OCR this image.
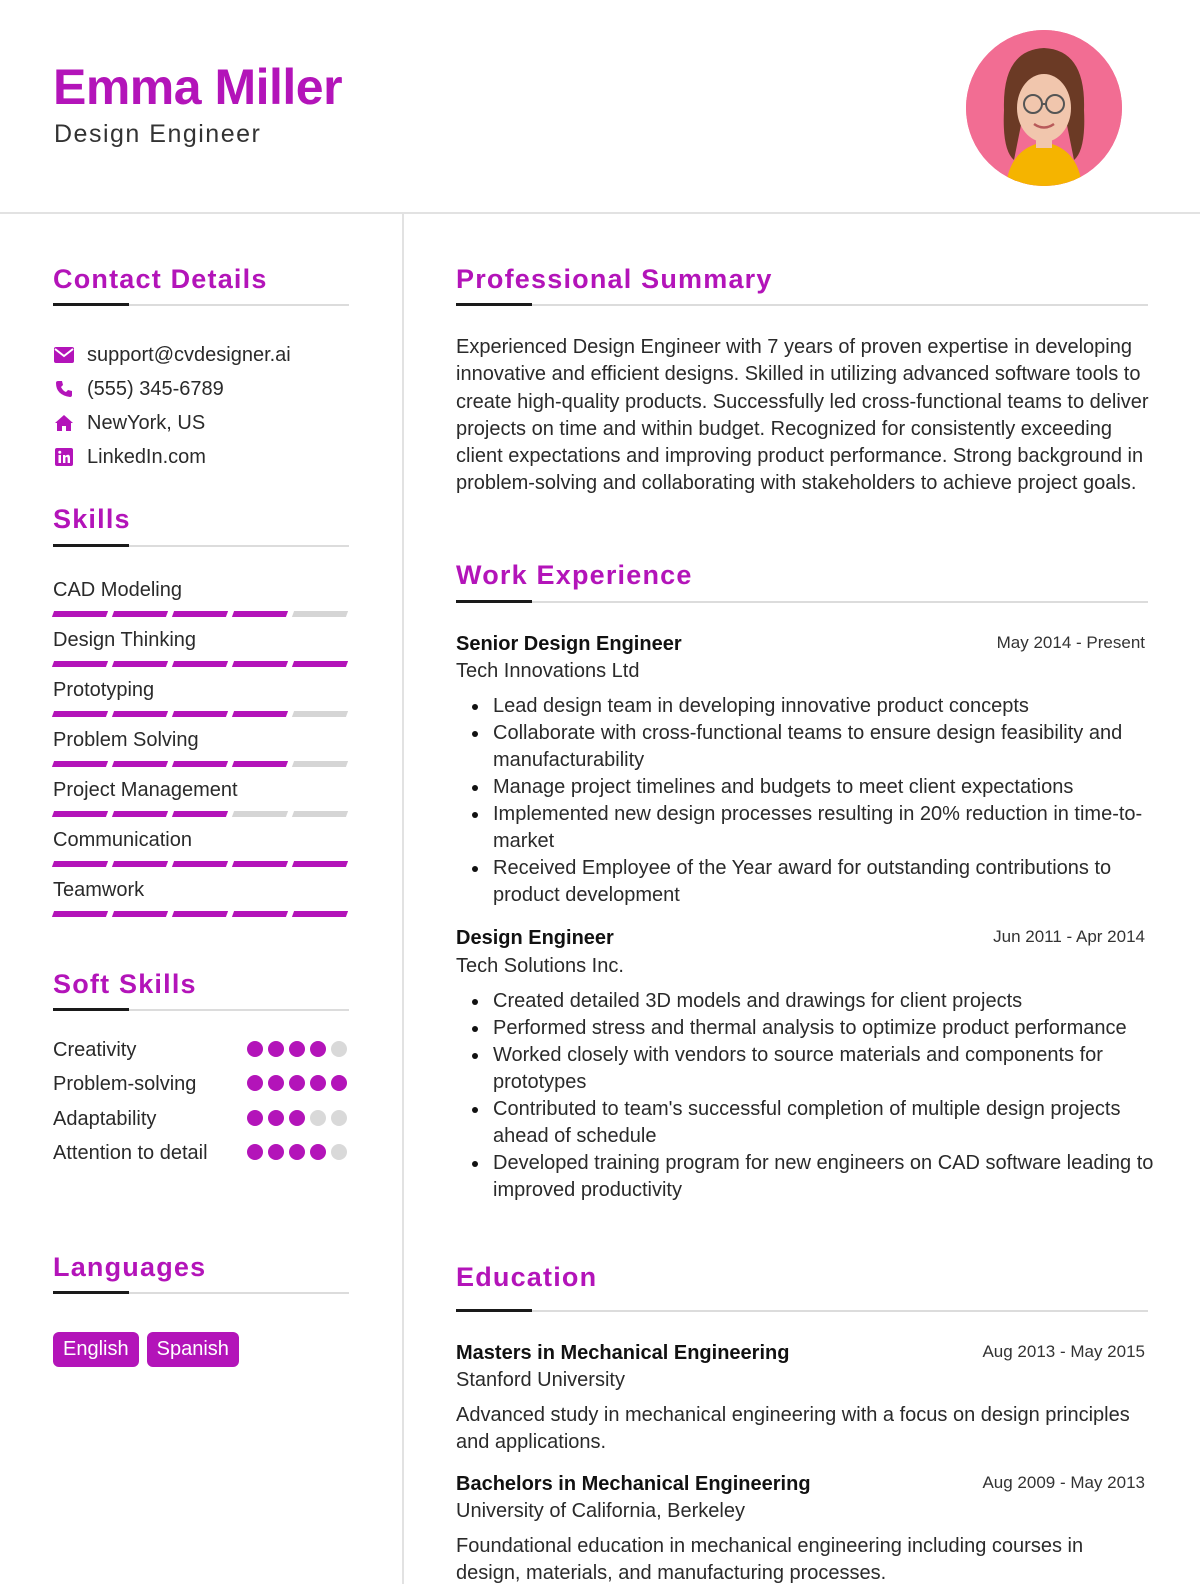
Emma Miller
Design Engineer
Contact Details
support@cvdesigner.ai
(555) 345-6789
NewYork, US
LinkedIn.com
Skills
CAD Modeling
Design Thinking
Prototyping
Problem Solving
Project Management
Communication
Teamwork
Soft Skills
Creativity
Problem-solving
Adaptability
Attention to detail
Languages
English	Spanish
Professional Summary
Experienced Design Engineer with 7 years of proven expertise in developing innovative and efficient designs. Skilled in utilizing advanced software tools to create high-quality products. Successfully led cross-functional teams to deliver projects on time and within budget. Recognized for consistently exceeding client expectations and improving product performance. Strong background in problem-solving and collaborating with stakeholders to achieve project goals.
Work Experience
Senior Design Engineer	May 2014 - Present
Tech Innovations Ltd
Lead design team in developing innovative product concepts
Collaborate with cross-functional teams to ensure design feasibility and manufacturability
Manage project timelines and budgets to meet client expectations
Implemented new design processes resulting in 20% reduction in time-to-market
Received Employee of the Year award for outstanding contributions to product development
Design Engineer	Jun 2011 - Apr 2014
Tech Solutions Inc.
Created detailed 3D models and drawings for client projects
Performed stress and thermal analysis to optimize product performance
Worked closely with vendors to source materials and components for prototypes
Contributed to team's successful completion of multiple design projects ahead of schedule
Developed training program for new engineers on CAD software leading to improved productivity
Education
Masters in Mechanical Engineering	Aug 2013 - May 2015
Stanford University
Advanced study in mechanical engineering with a focus on design principles and applications.
Bachelors in Mechanical Engineering	Aug 2009 - May 2013
University of California, Berkeley
Foundational education in mechanical engineering including courses in design, materials, and manufacturing processes.
